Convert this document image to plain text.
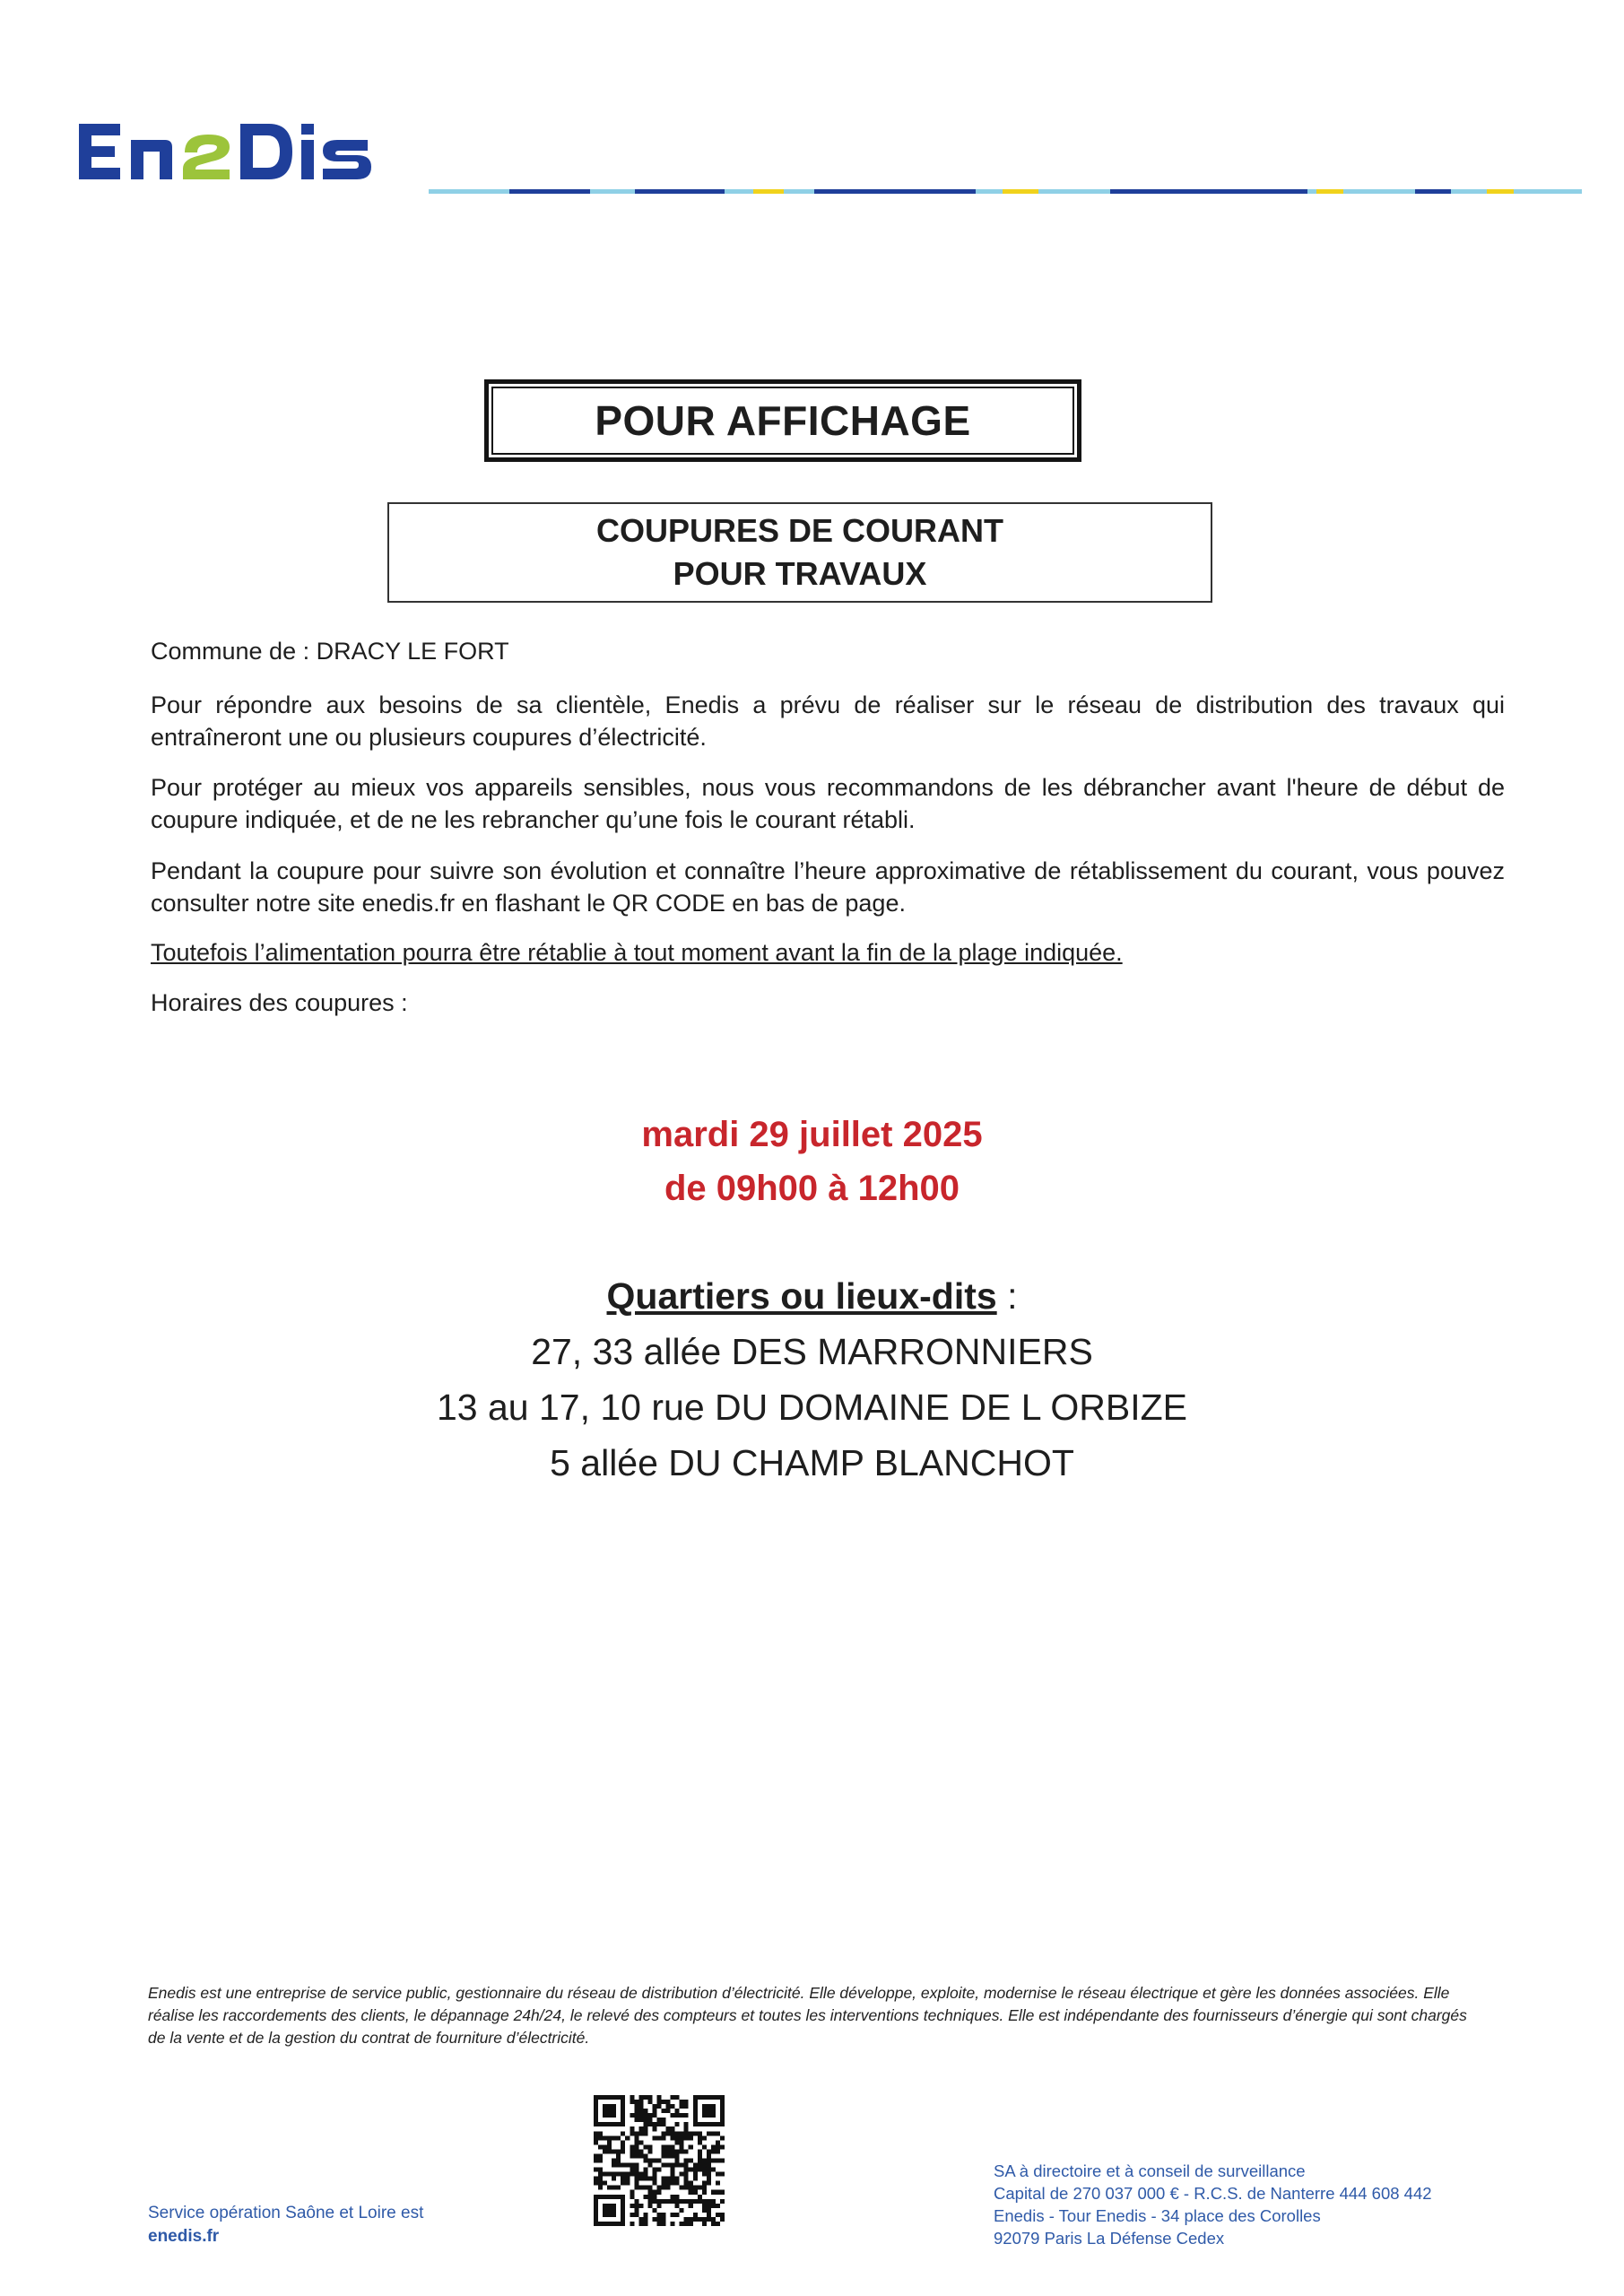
POUR AFFICHAGE
COUPURES DE COURANT
POUR TRAVAUX
Commune de : DRACY LE FORT
Pour répondre aux besoins de sa clientèle, Enedis a prévu de réaliser sur le réseau de distribution des travaux qui entraîneront une ou plusieurs coupures d’électricité.
Pour protéger au mieux vos appareils sensibles, nous vous recommandons de les débrancher avant l'heure de début de coupure indiquée, et de ne les rebrancher qu’une fois le courant rétabli.
Pendant la coupure pour suivre son évolution et connaître l’heure approximative de rétablissement du courant, vous pouvez consulter notre site enedis.fr en flashant le QR CODE en bas de page.
Toutefois l’alimentation pourra être rétablie à tout moment avant la fin de la plage indiquée.
Horaires des coupures :
mardi 29 juillet 2025
de 09h00 à 12h00
Quartiers ou lieux-dits :
27, 33 allée DES MARRONNIERS
13 au 17, 10 rue DU DOMAINE DE L ORBIZE
5 allée DU CHAMP BLANCHOT
Enedis est une entreprise de service public, gestionnaire du réseau de distribution d’électricité. Elle développe, exploite, modernise le réseau électrique et gère les données associées. Elle réalise les raccordements des clients, le dépannage 24h/24, le relevé des compteurs et toutes les interventions techniques. Elle est indépendante des fournisseurs d’énergie qui sont chargés de la vente et de la gestion du contrat de fourniture d’électricité.
Service opération Saône et Loire est
enedis.fr
SA à directoire et à conseil de surveillance
Capital de 270 037 000 € - R.C.S. de Nanterre 444 608 442
Enedis - Tour Enedis - 34 place des Corolles
92079 Paris La Défense Cedex
